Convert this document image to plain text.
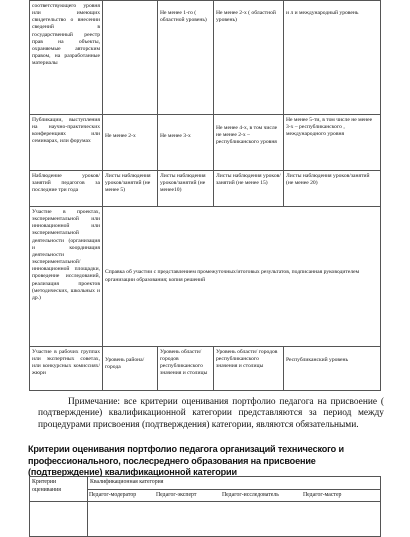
соответствующего уровня или имеющих свидетельство о внесении сведений в государственный реестр прав на объекты, охраняемые авторским правом, на разработанные материалы		Не менее 1-го ( областной уровень)	Не менее 2-х ( областной уровень)	и л и международный уровень
Публикации, выступления на научно-практических конференциях или семинарах, или форумах	Не менее 2-х	Не менее 3-х	Не менее 4-х, в том числе не менее 2-х – республиканского уровня	Не менее 5-ти, в том числе не менее 3-х – республиканского , международного уровня
Наблюдение уроков/ занятий педагогов за последние три года	Листы наблюдения уроков/занятий (не менее 5)	Листы наблюдения уроков/занятий (не менее10)	Листы наблюдения уроков/занятий (не менее 15)	Листы наблюдения уроков/занятий (не менее 20)
Участие в проектах, экспериментальной или инновационной или экспериментальной деятельности (организация и координация деятельности экспериментальной/ инновационной площадки, проведение исследований, реализация проектов (методических, школьных и др.)	Справка об участии с представлением промежуточных/итоговых результатов, подписанная руководителем организации образования; копия решений			
Участие в рабочих группах или экспертных советах, или конкурсных комиссиях/жюри	Уровень района/города	Уровень области/ городов республиканского значения и столицы	Уровень области/ городов республиканского значения и столицы	Республиканский уровень

Примечание: все критерии оценивания портфолио педагога на присвоение ( подтверждение) квалификационной категории представляются за период между процедурами присвоения (подтверждения) категории, являются обязательными.

Критерии оценивания портфолио педагога организаций технического и профессионального, послесреднего образования на присвоение (подтверждение) квалификационной категории

Критерии оценивания	Квалификационная категория

	Педагог-модератор Педагог-эксперт Педагог-исследователь Педагог-мастер
